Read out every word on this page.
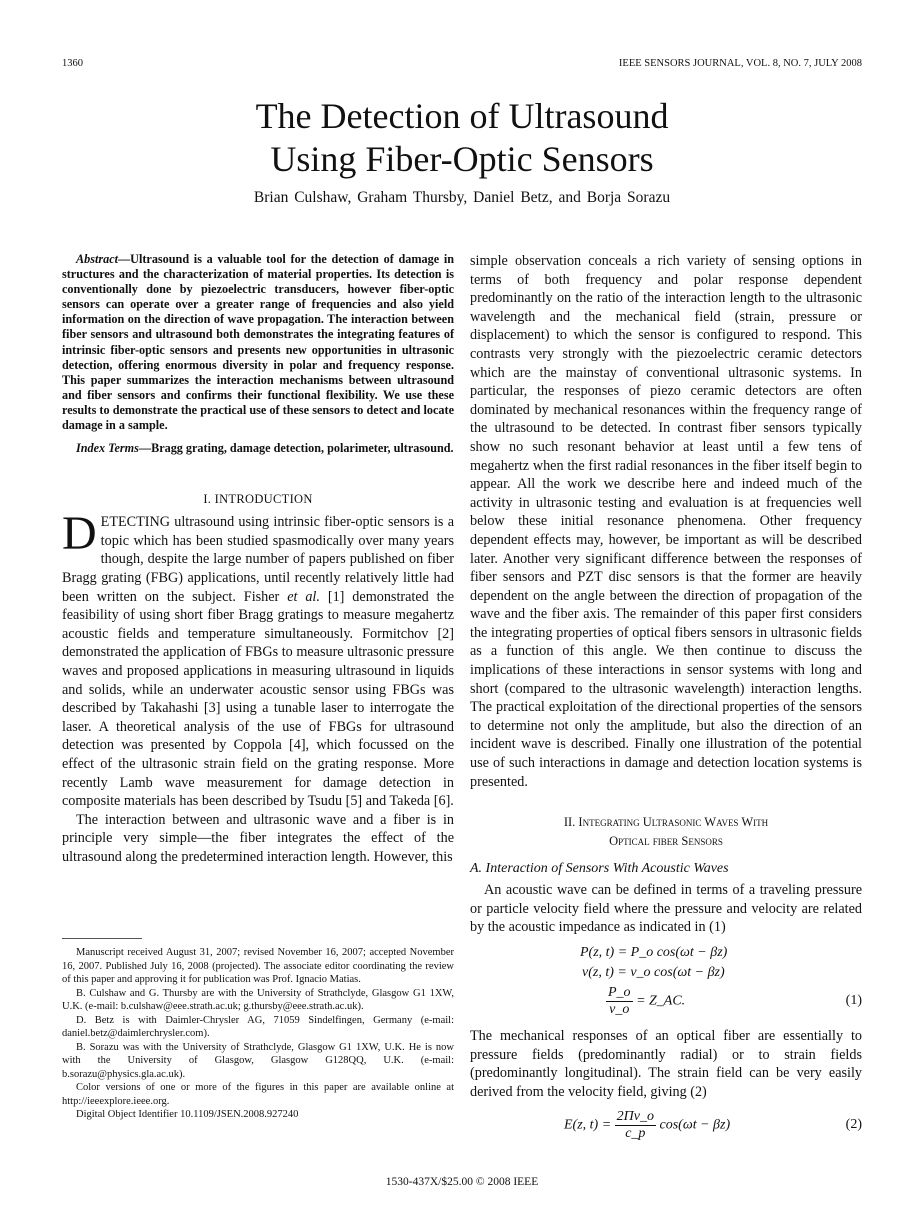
1360	IEEE SENSORS JOURNAL, VOL. 8, NO. 7, JULY 2008
The Detection of Ultrasound
Using Fiber-Optic Sensors
Brian Culshaw, Graham Thursby, Daniel Betz, and Borja Sorazu

Abstract—Ultrasound is a valuable tool for the detection of damage in structures and the characterization of material properties. Its detection is conventionally done by piezoelectric transducers, however fiber-optic sensors can operate over a greater range of frequencies and also yield information on the direction of wave propagation. The interaction between fiber sensors and ultrasound both demonstrates the integrating features of intrinsic fiber-optic sensors and presents new opportunities in ultrasonic detection, offering enormous diversity in polar and frequency response. This paper summarizes the interaction mechanisms between ultrasound and fiber sensors and confirms their functional flexibility. We use these results to demonstrate the practical use of these sensors to detect and locate damage in a sample.

Index Terms—Bragg grating, damage detection, polarimeter, ultrasound.

I. INTRODUCTION

DETECTING ultrasound using intrinsic fiber-optic sensors is a topic which has been studied spasmodically over many years though, despite the large number of papers published on fiber Bragg grating (FBG) applications, until recently relatively little had been written on the subject. Fisher et al. [1] demonstrated the feasibility of using short fiber Bragg gratings to measure megahertz acoustic fields and temperature simultaneously. Formitchov [2] demonstrated the application of FBGs to measure ultrasonic pressure waves and proposed applications in measuring ultrasound in liquids and solids, while an underwater acoustic sensor using FBGs was described by Takahashi [3] using a tunable laser to interrogate the laser. A theoretical analysis of the use of FBGs for ultrasound detection was presented by Coppola [4], which focussed on the effect of the ultrasonic strain field on the grating response. More recently Lamb wave measurement for damage detection in composite materials has been described by Tsudu [5] and Takeda [6].

The interaction between and ultrasonic wave and a fiber is in principle very simple—the fiber integrates the effect of the ultrasound along the predetermined interaction length. However, this

Manuscript received August 31, 2007; revised November 16, 2007; accepted November 16, 2007. Published July 16, 2008 (projected). The associate editor coordinating the review of this paper and approving it for publication was Prof. Ignacio Matias.

B. Culshaw and G. Thursby are with the University of Strathclyde, Glasgow G1 1XW, U.K. (e-mail: b.culshaw@eee.strath.ac.uk; g.thursby@eee.strath.ac.uk).

D. Betz is with Daimler-Chrysler AG, 71059 Sindelfingen, Germany (e-mail: daniel.betz@daimlerchrysler.com).

B. Sorazu was with the University of Strathclyde, Glasgow G1 1XW, U.K. He is now with the University of Glasgow, Glasgow G128QQ, U.K. (e-mail: b.sorazu@physics.gla.ac.uk).

Color versions of one or more of the figures in this paper are available online at http://ieeexplore.ieee.org.

Digital Object Identifier 10.1109/JSEN.2008.927240

simple observation conceals a rich variety of sensing options in terms of both frequency and polar response dependent predominantly on the ratio of the interaction length to the ultrasonic wavelength and the mechanical field (strain, pressure or displacement) to which the sensor is configured to respond. This contrasts very strongly with the piezoelectric ceramic detectors which are the mainstay of conventional ultrasonic systems. In particular, the responses of piezo ceramic detectors are often dominated by mechanical resonances within the frequency range of the ultrasound to be detected. In contrast fiber sensors typically show no such resonant behavior at least until a few tens of megahertz when the first radial resonances in the fiber itself begin to appear. All the work we describe here and indeed much of the activity in ultrasonic testing and evaluation is at frequencies well below these initial resonance phenomena. Other frequency dependent effects may, however, be important as will be described later. Another very significant difference between the responses of fiber sensors and PZT disc sensors is that the former are heavily dependent on the angle between the direction of propagation of the wave and the fiber axis. The remainder of this paper first considers the integrating properties of optical fibers sensors in ultrasonic fields as a function of this angle. We then continue to discuss the implications of these interactions in sensor systems with long and short (compared to the ultrasonic wavelength) interaction lengths. The practical exploitation of the directional properties of the sensors to determine not only the amplitude, but also the direction of an incident wave is described. Finally one illustration of the potential use of such interactions in damage and detection location systems is presented.

II. Integrating Ultrasonic Waves With
Optical fiber Sensors
A. Interaction of Sensors With Acoustic Waves

An acoustic wave can be defined in terms of a traveling pressure or particle velocity field where the pressure and velocity are related by the acoustic impedance as indicated in (1)

P(z, t) = P_o cos(ωt − βz)
v(z, t) = v_o cos(ωt − βz)
$\frac{P\_o}{v\_o}$ = Z_AC.	(1)

The mechanical responses of an optical fiber are essentially to pressure fields (predominantly radial) or to strain fields (predominantly longitudinal). The strain field can be very easily derived from the velocity field, giving (2)

E(z, $t) = \frac{2\Pi v\_o}{c\_p} \cos(\omega t - \beta z)$	(2)
1530-437X/$25.00 © 2008 IEEE
